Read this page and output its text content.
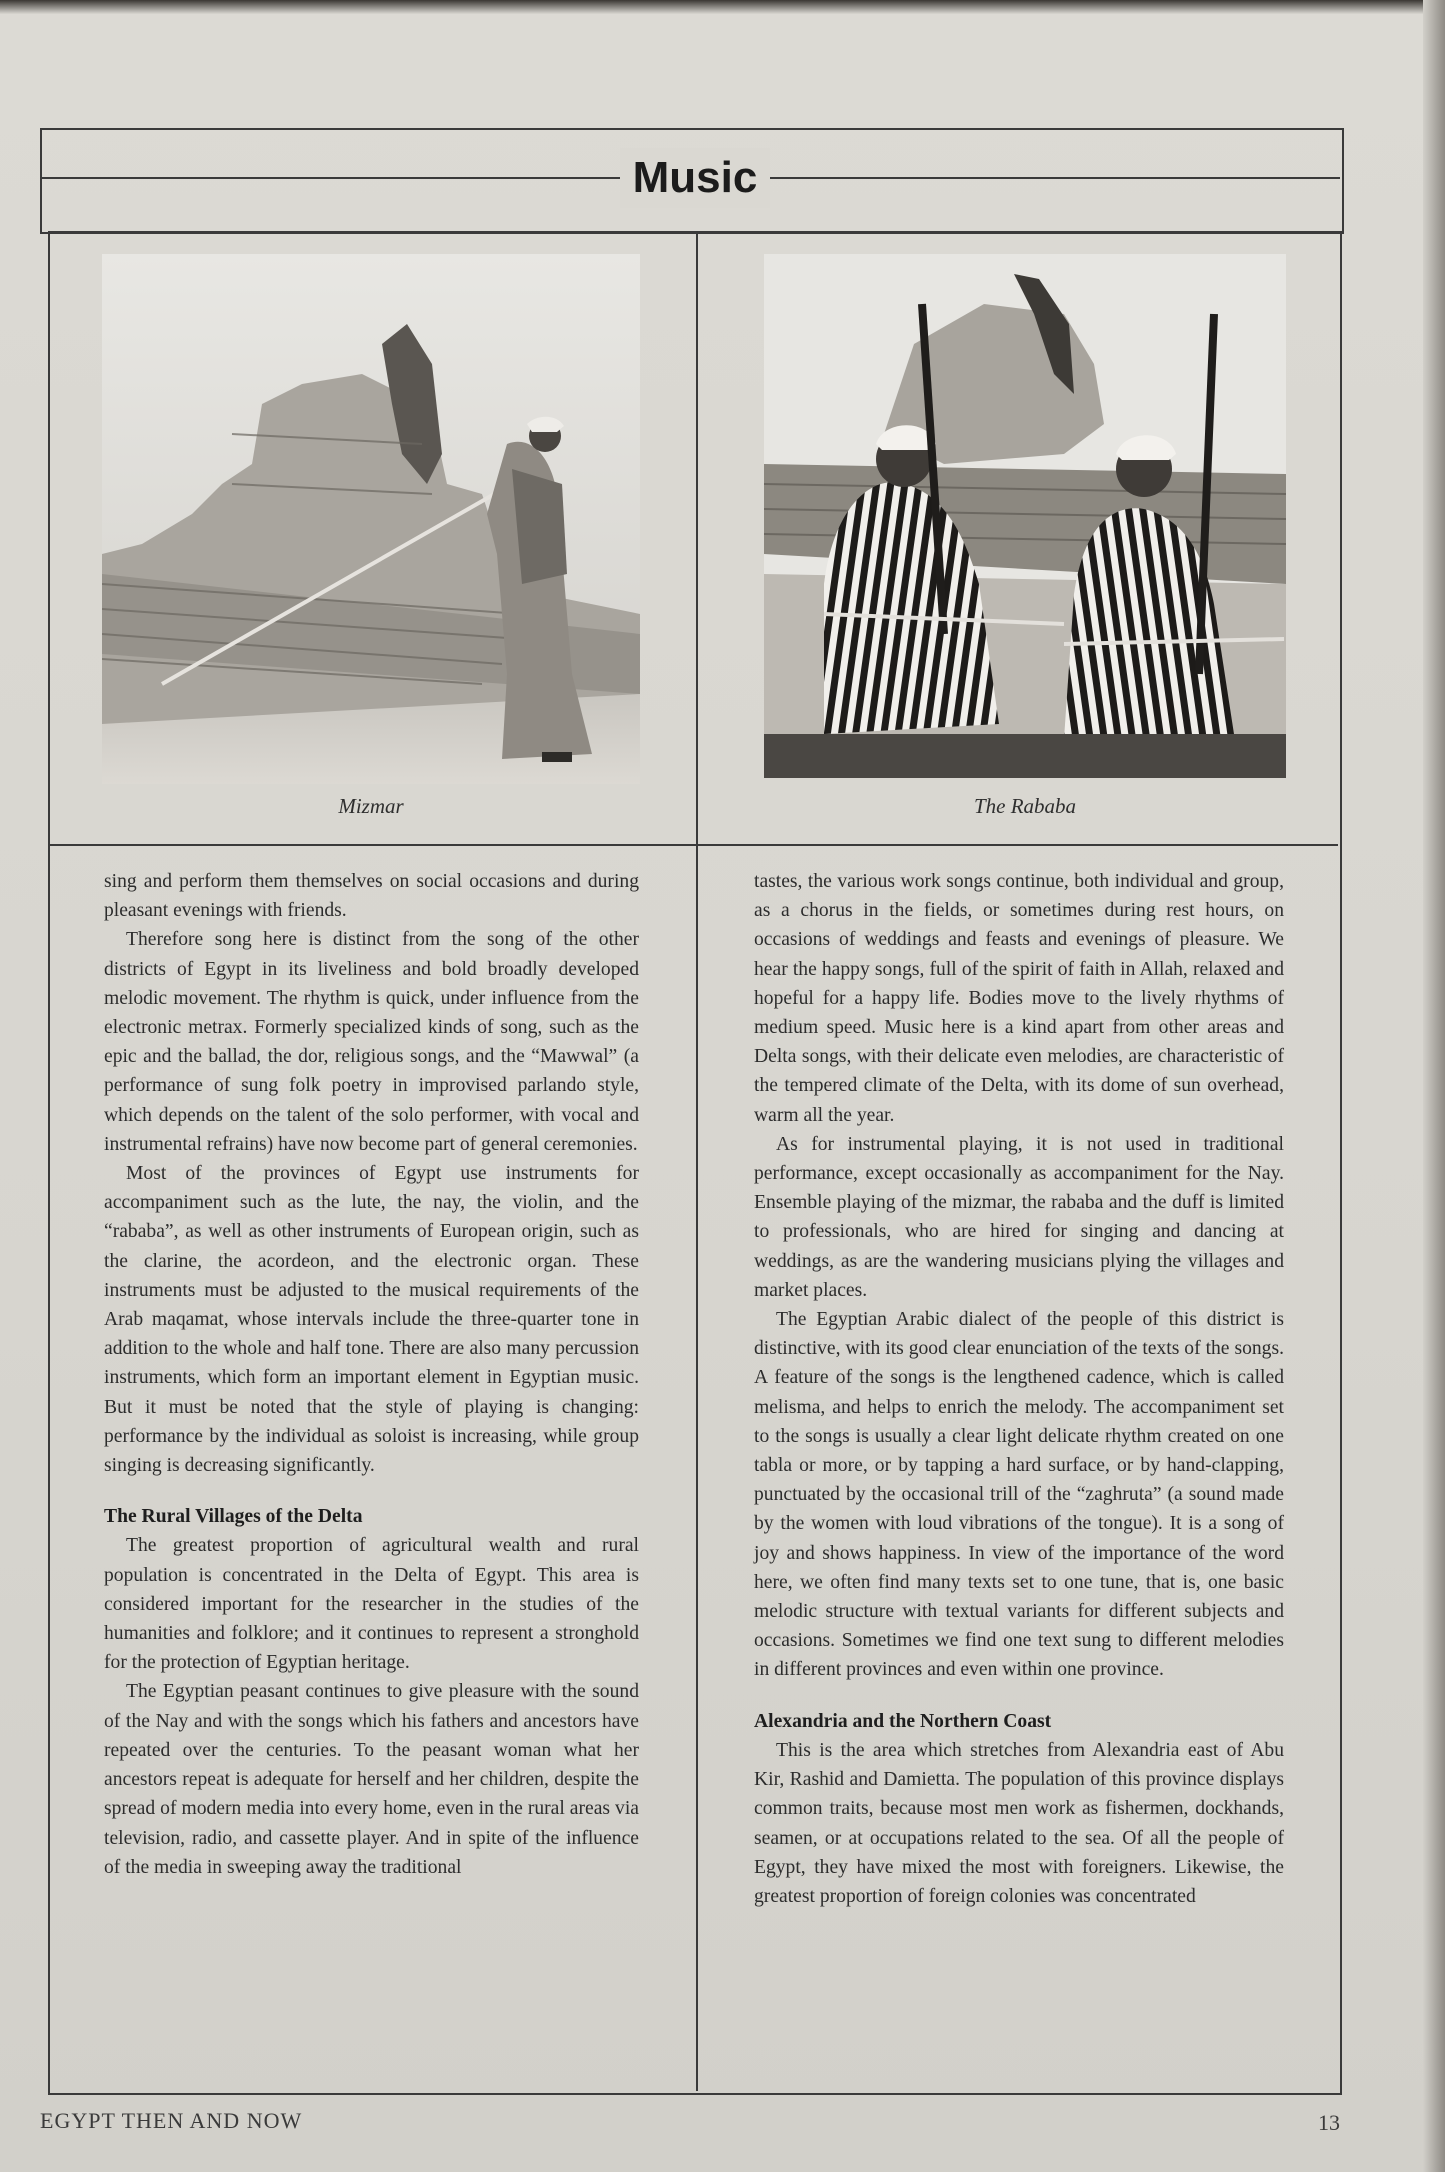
Music
Mizmar	The Rababa

sing and perform them themselves on social occasions and during pleasant evenings with friends.

Therefore song here is distinct from the song of the other districts of Egypt in its liveliness and bold broadly developed melodic movement. The rhythm is quick, under influence from the electronic metrax. Formerly specialized kinds of song, such as the epic and the ballad, the dor, religious songs, and the “Mawwal” (a performance of sung folk poetry in improvised parlando style, which depends on the talent of the solo performer, with vocal and instrumental refrains) have now become part of general ceremonies.

Most of the provinces of Egypt use instruments for accompaniment such as the lute, the nay, the violin, and the “rababa”, as well as other instruments of European origin, such as the clarine, the acordeon, and the electronic organ. These instruments must be adjusted to the musical requirements of the Arab maqamat, whose intervals include the three-quarter tone in addition to the whole and half tone. There are also many percussion instruments, which form an important element in Egyptian music. But it must be noted that the style of playing is changing: performance by the individual as soloist is increasing, while group singing is decreasing significantly.

The Rural Villages of the Delta

The greatest proportion of agricultural wealth and rural population is concentrated in the Delta of Egypt. This area is considered important for the researcher in the studies of the humanities and folklore; and it continues to represent a stronghold for the protection of Egyptian heritage.

The Egyptian peasant continues to give pleasure with the sound of the Nay and with the songs which his fathers and ancestors have repeated over the centuries. To the peasant woman what her ancestors repeat is adequate for herself and her children, despite the spread of modern media into every home, even in the rural areas via television, radio, and cassette player. And in spite of the influence of the media in sweeping away the traditional

tastes, the various work songs continue, both individual and group, as a chorus in the fields, or sometimes during rest hours, on occasions of weddings and feasts and evenings of pleasure. We hear the happy songs, full of the spirit of faith in Allah, relaxed and hopeful for a happy life. Bodies move to the lively rhythms of medium speed. Music here is a kind apart from other areas and Delta songs, with their delicate even melodies, are characteristic of the tempered climate of the Delta, with its dome of sun overhead, warm all the year.

As for instrumental playing, it is not used in traditional performance, except occasionally as accompaniment for the Nay. Ensemble playing of the mizmar, the rababa and the duff is limited to professionals, who are hired for singing and dancing at weddings, as are the wandering musicians plying the villages and market places.

The Egyptian Arabic dialect of the people of this district is distinctive, with its good clear enunciation of the texts of the songs. A feature of the songs is the lengthened cadence, which is called melisma, and helps to enrich the melody. The accompaniment set to the songs is usually a clear light delicate rhythm created on one tabla or more, or by tapping a hard surface, or by hand-clapping, punctuated by the occasional trill of the “zaghruta” (a sound made by the women with loud vibrations of the tongue). It is a song of joy and shows happiness. In view of the importance of the word here, we often find many texts set to one tune, that is, one basic melodic structure with textual variants for different subjects and occasions. Sometimes we find one text sung to different melodies in different provinces and even within one province.

Alexandria and the Northern Coast

This is the area which stretches from Alexandria east of Abu Kir, Rashid and Damietta. The population of this province displays common traits, because most men work as fishermen, dockhands, seamen, or at occupations related to the sea. Of all the people of Egypt, they have mixed the most with foreigners. Likewise, the greatest proportion of foreign colonies was concentrated

EGYPT THEN AND NOW	13
